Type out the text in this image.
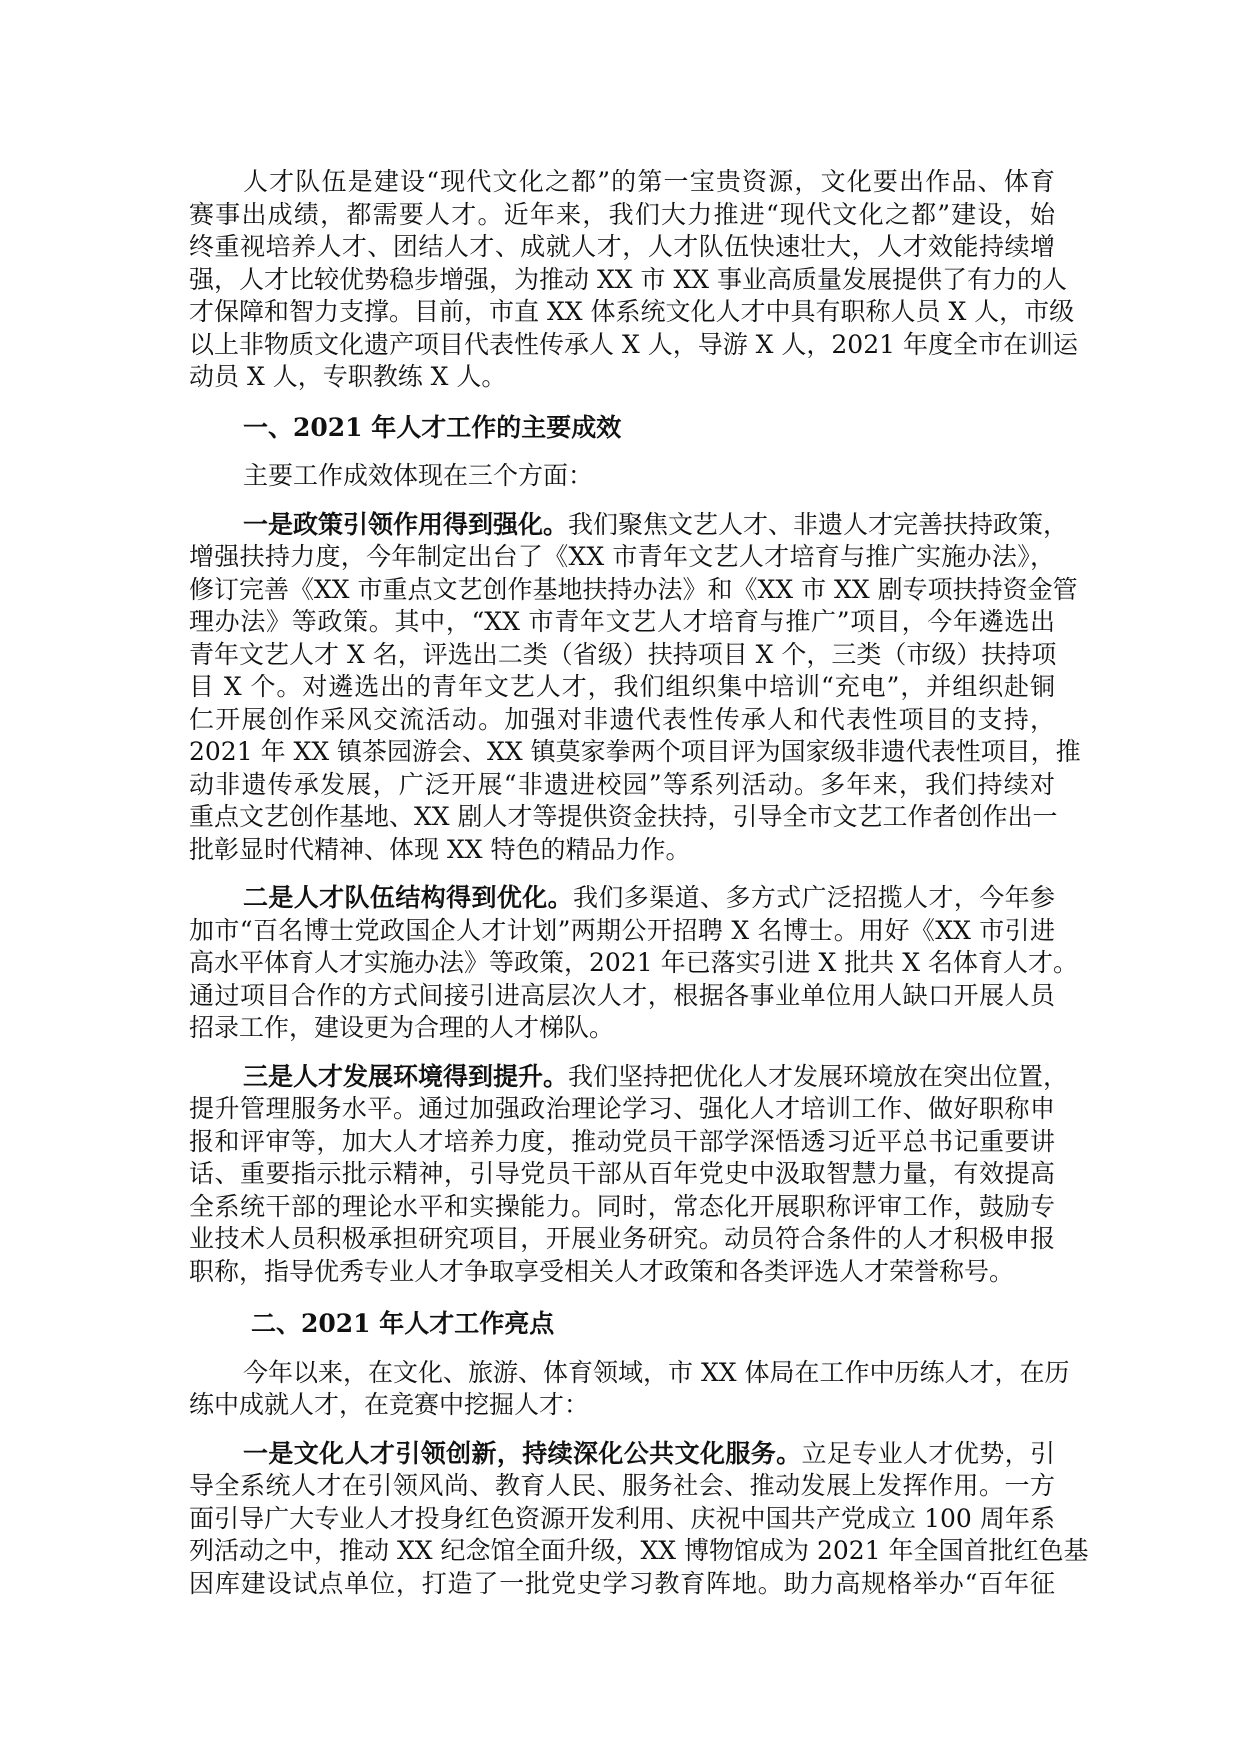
人才队伍是建设“现代文化之都”的第一宝贵资源，文化要出作品、体育
赛事出成绩，都需要人才。近年来，我们大力推进“现代文化之都”建设，始
终重视培养人才、团结人才、成就人才，人才队伍快速壮大，人才效能持续增
强，人才比较优势稳步增强，为推动 XX 市 XX 事业高质量发展提供了有力的人
才保障和智力支撑。目前，市直 XX 体系统文化人才中具有职称人员 X 人，市级
以上非物质文化遗产项目代表性传承人 X 人，导游 X 人，2021 年度全市在训运
动员 X 人，专职教练 X 人。
一、2021 年人才工作的主要成效
主要工作成效体现在三个方面：
一是政策引领作用得到强化。我们聚焦文艺人才、非遗人才完善扶持政策，
增强扶持力度，今年制定出台了《XX 市青年文艺人才培育与推广实施办法》，
修订完善《XX 市重点文艺创作基地扶持办法》和《XX 市 XX 剧专项扶持资金管
理办法》等政策。其中，“XX 市青年文艺人才培育与推广”项目，今年遴选出
青年文艺人才 X 名，评选出二类（省级）扶持项目 X 个，三类（市级）扶持项
目 X 个。对遴选出的青年文艺人才，我们组织集中培训“充电”，并组织赴铜
仁开展创作采风交流活动。加强对非遗代表性传承人和代表性项目的支持，
2021 年 XX 镇茶园游会、XX 镇莫家拳两个项目评为国家级非遗代表性项目，推
动非遗传承发展，广泛开展“非遗进校园”等系列活动。多年来，我们持续对
重点文艺创作基地、XX 剧人才等提供资金扶持，引导全市文艺工作者创作出一
批彰显时代精神、体现 XX 特色的精品力作。
二是人才队伍结构得到优化。我们多渠道、多方式广泛招揽人才，今年参
加市“百名博士党政国企人才计划”两期公开招聘 X 名博士。用好《XX 市引进
高水平体育人才实施办法》等政策，2021 年已落实引进 X 批共 X 名体育人才。
通过项目合作的方式间接引进高层次人才，根据各事业单位用人缺口开展人员
招录工作，建设更为合理的人才梯队。
三是人才发展环境得到提升。我们坚持把优化人才发展环境放在突出位置，
提升管理服务水平。通过加强政治理论学习、强化人才培训工作、做好职称申
报和评审等，加大人才培养力度，推动党员干部学深悟透习近平总书记重要讲
话、重要指示批示精神，引导党员干部从百年党史中汲取智慧力量，有效提高
全系统干部的理论水平和实操能力。同时，常态化开展职称评审工作，鼓励专
业技术人员积极承担研究项目，开展业务研究。动员符合条件的人才积极申报
职称，指导优秀专业人才争取享受相关人才政策和各类评选人才荣誉称号。
二、2021 年人才工作亮点
今年以来，在文化、旅游、体育领域，市 XX 体局在工作中历练人才，在历
练中成就人才，在竞赛中挖掘人才：
一是文化人才引领创新，持续深化公共文化服务。立足专业人才优势，引
导全系统人才在引领风尚、教育人民、服务社会、推动发展上发挥作用。一方
面引导广大专业人才投身红色资源开发利用、庆祝中国共产党成立 100 周年系
列活动之中，推动 XX 纪念馆全面升级，XX 博物馆成为 2021 年全国首批红色基
因库建设试点单位，打造了一批党史学习教育阵地。助力高规格举办“百年征
